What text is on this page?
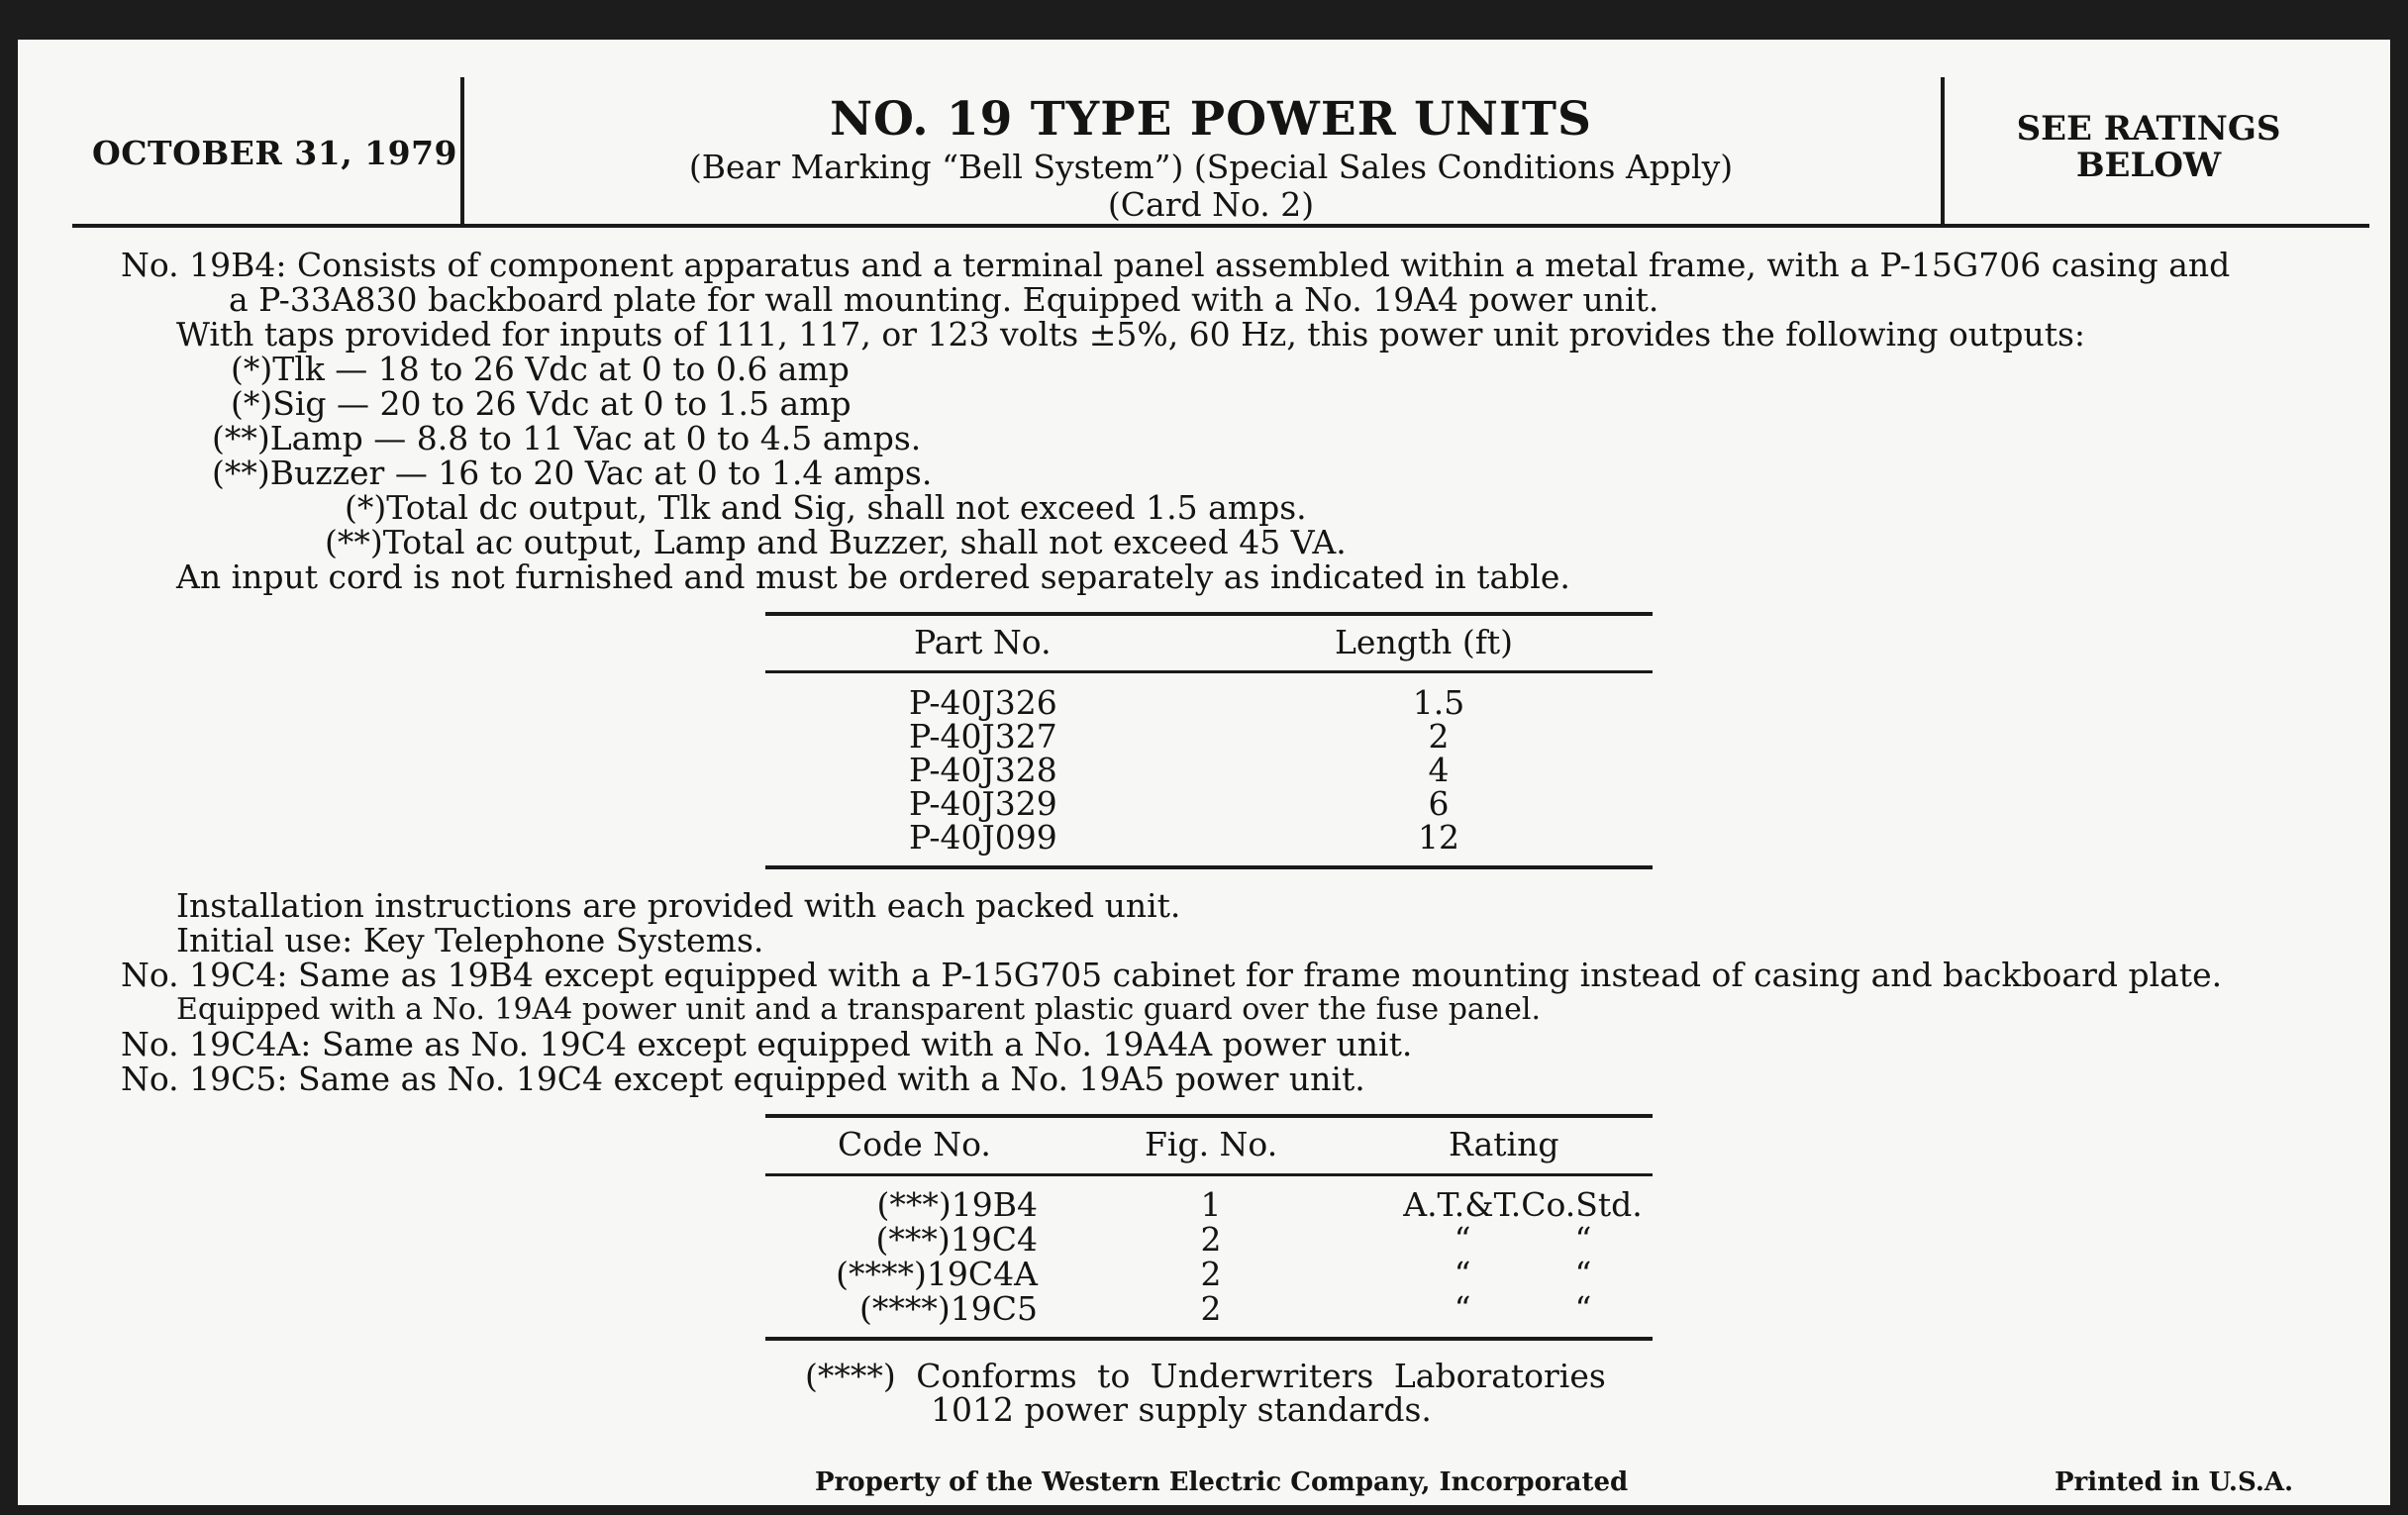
OCTOBER 31, 1979
NO. 19 TYPE POWER UNITS
(Bear Marking “Bell System”) (Special Sales Conditions Apply)
(Card No. 2)
SEE RATINGS
BELOW
No. 19B4: Consists of component apparatus and a terminal panel assembled within a metal frame, with a P-15G706 casing and
a P-33A830 backboard plate for wall mounting. Equipped with a No. 19A4 power unit.
With taps provided for inputs of 111, 117, or 123 volts ±5%, 60 Hz, this power unit provides the following outputs:
(*)Tlk — 18 to 26 Vdc at 0 to 0.6 amp
(*)Sig — 20 to 26 Vdc at 0 to 1.5 amp
(**)Lamp — 8.8 to 11 Vac at 0 to 4.5 amps.
(**)Buzzer — 16 to 20 Vac at 0 to 1.4 amps.
(*)Total dc output, Tlk and Sig, shall not exceed 1.5 amps.
(**)Total ac output, Lamp and Buzzer, shall not exceed 45 VA.
An input cord is not furnished and must be ordered separately as indicated in table.
Part No.	Length (ft)
P-40J326	1.5
P-40J327	2
P-40J328	4
P-40J329	6
P-40J099	12
Installation instructions are provided with each packed unit.
Initial use: Key Telephone Systems.
No. 19C4: Same as 19B4 except equipped with a P-15G705 cabinet for frame mounting instead of casing and backboard plate.
Equipped with a No. 19A4 power unit and a transparent plastic guard over the fuse panel.
No. 19C4A: Same as No. 19C4 except equipped with a No. 19A4A power unit.
No. 19C5: Same as No. 19C4 except equipped with a No. 19A5 power unit.
Code No.	Fig. No.	Rating
(***)19B4	1	A.T.&T.Co.Std.
(***)19C4	2	“          “
(****)19C4A	2	“          “
(****)19C5	2	“          “
(****) Conforms to Underwriters Laboratories
1012 power supply standards.
Property of the Western Electric Company, Incorporated	Printed in U.S.A.
